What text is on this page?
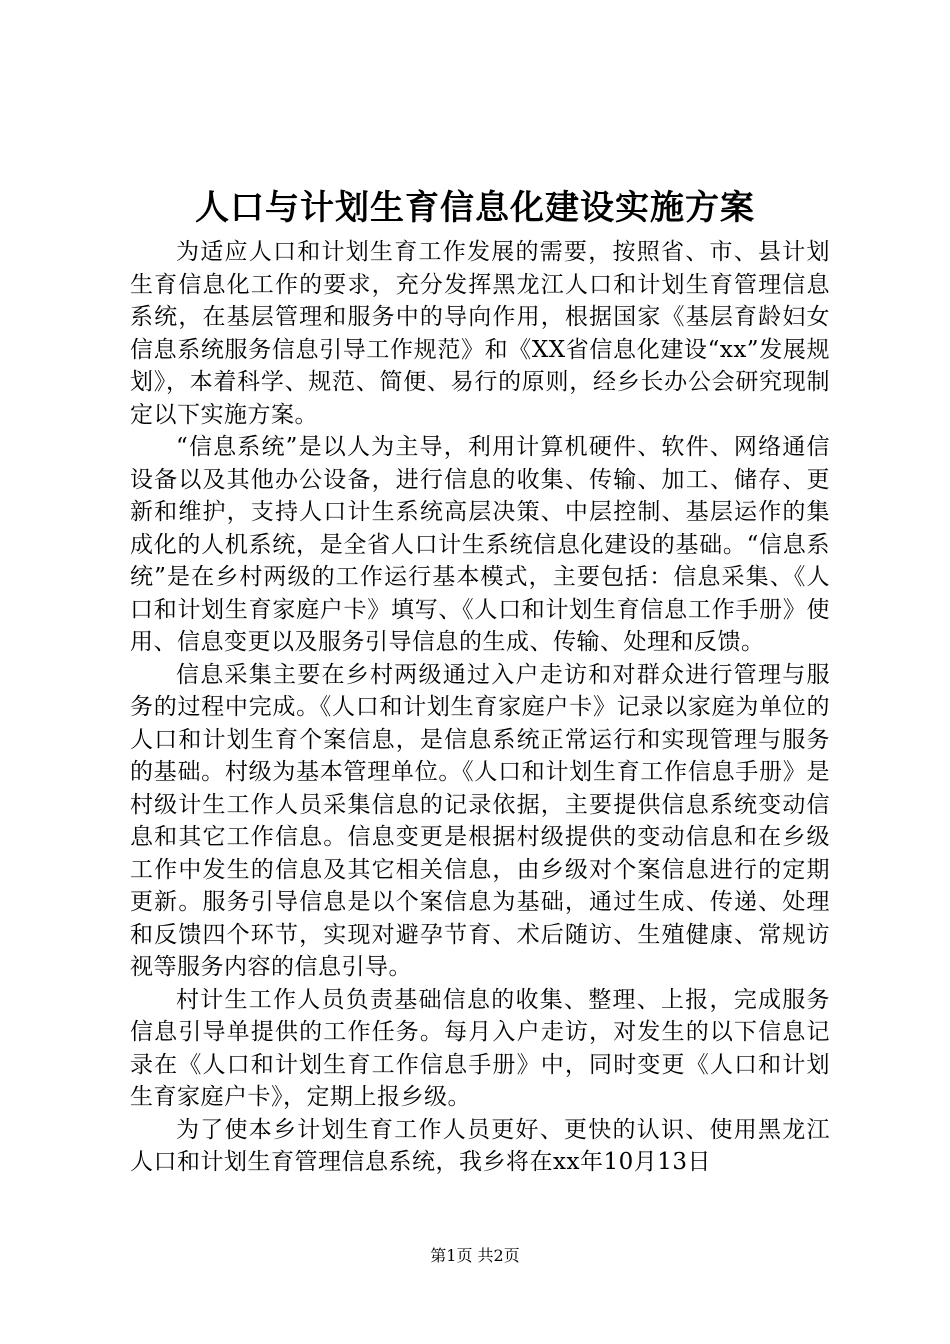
人口与计划生育信息化建设实施方案

为适应人口和计划生育工作发展的需要，按照省、市、县计划生育信息化工作的要求，充分发挥黑龙江人口和计划生育管理信息系统，在基层管理和服务中的导向作用，根据国家《基层育龄妇女信息系统服务信息引导工作规范》和《XX省信息化建设“xx”发展规划》，本着科学、规范、简便、易行的原则，经乡长办公会研究现制定以下实施方案。

“信息系统”是以人为主导，利用计算机硬件、软件、网络通信设备以及其他办公设备，进行信息的收集、传输、加工、储存、更新和维护，支持人口计生系统高层决策、中层控制、基层运作的集成化的人机系统，是全省人口计生系统信息化建设的基础。“信息系统”是在乡村两级的工作运行基本模式，主要包括：信息采集、《人口和计划生育家庭户卡》填写、《人口和计划生育信息工作手册》使用、信息变更以及服务引导信息的生成、传输、处理和反馈。

信息采集主要在乡村两级通过入户走访和对群众进行管理与服务的过程中完成。《人口和计划生育家庭户卡》记录以家庭为单位的人口和计划生育个案信息，是信息系统正常运行和实现管理与服务的基础。村级为基本管理单位。《人口和计划生育工作信息手册》是村级计生工作人员采集信息的记录依据，主要提供信息系统变动信息和其它工作信息。信息变更是根据村级提供的变动信息和在乡级工作中发生的信息及其它相关信息，由乡级对个案信息进行的定期更新。服务引导信息是以个案信息为基础，通过生成、传递、处理和反馈四个环节，实现对避孕节育、术后随访、生殖健康、常规访视等服务内容的信息引导。

村计生工作人员负责基础信息的收集、整理、上报，完成服务信息引导单提供的工作任务。每月入户走访，对发生的以下信息记录在《人口和计划生育工作信息手册》中，同时变更《人口和计划生育家庭户卡》，定期上报乡级。

为了使本乡计划生育工作人员更好、更快的认识、使用黑龙江人口和计划生育管理信息系统，我乡将在xx年10月13日

第1页 共2页
